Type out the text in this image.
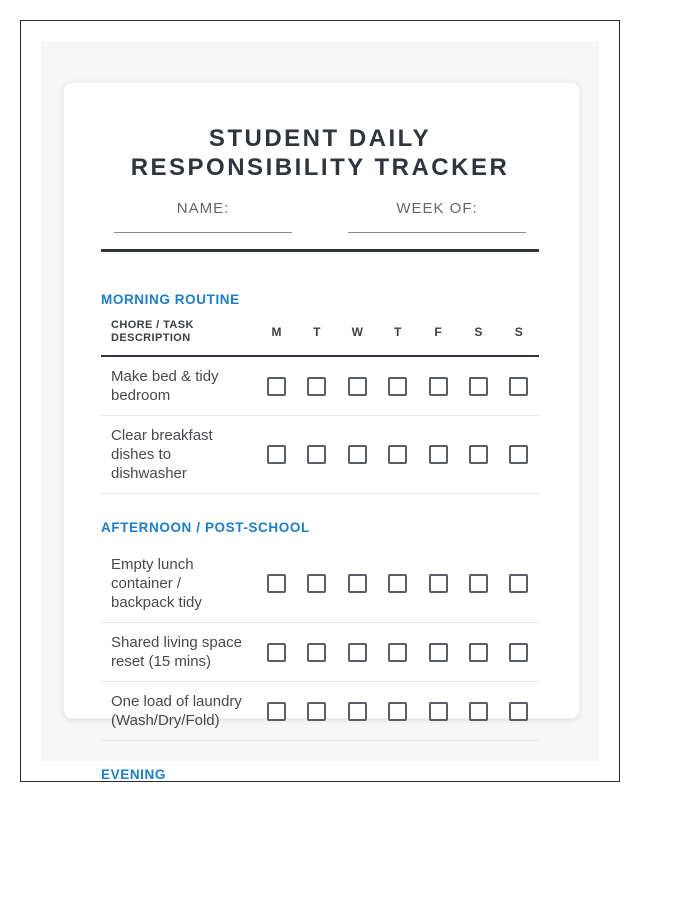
STUDENT DAILY RESPONSIBILITY TRACKER
NAME:	WEEK OF:
MORNING ROUTINE
CHORE / TASK DESCRIPTION	M	T	W	T	F	S	S
Make bed & tidy bedroom
Clear breakfast dishes to dishwasher
AFTERNOON / POST-SCHOOL
Empty lunch container / backpack tidy
Shared living space reset (15 mins)
One load of laundry (Wash/Dry/Fold)
EVENING
